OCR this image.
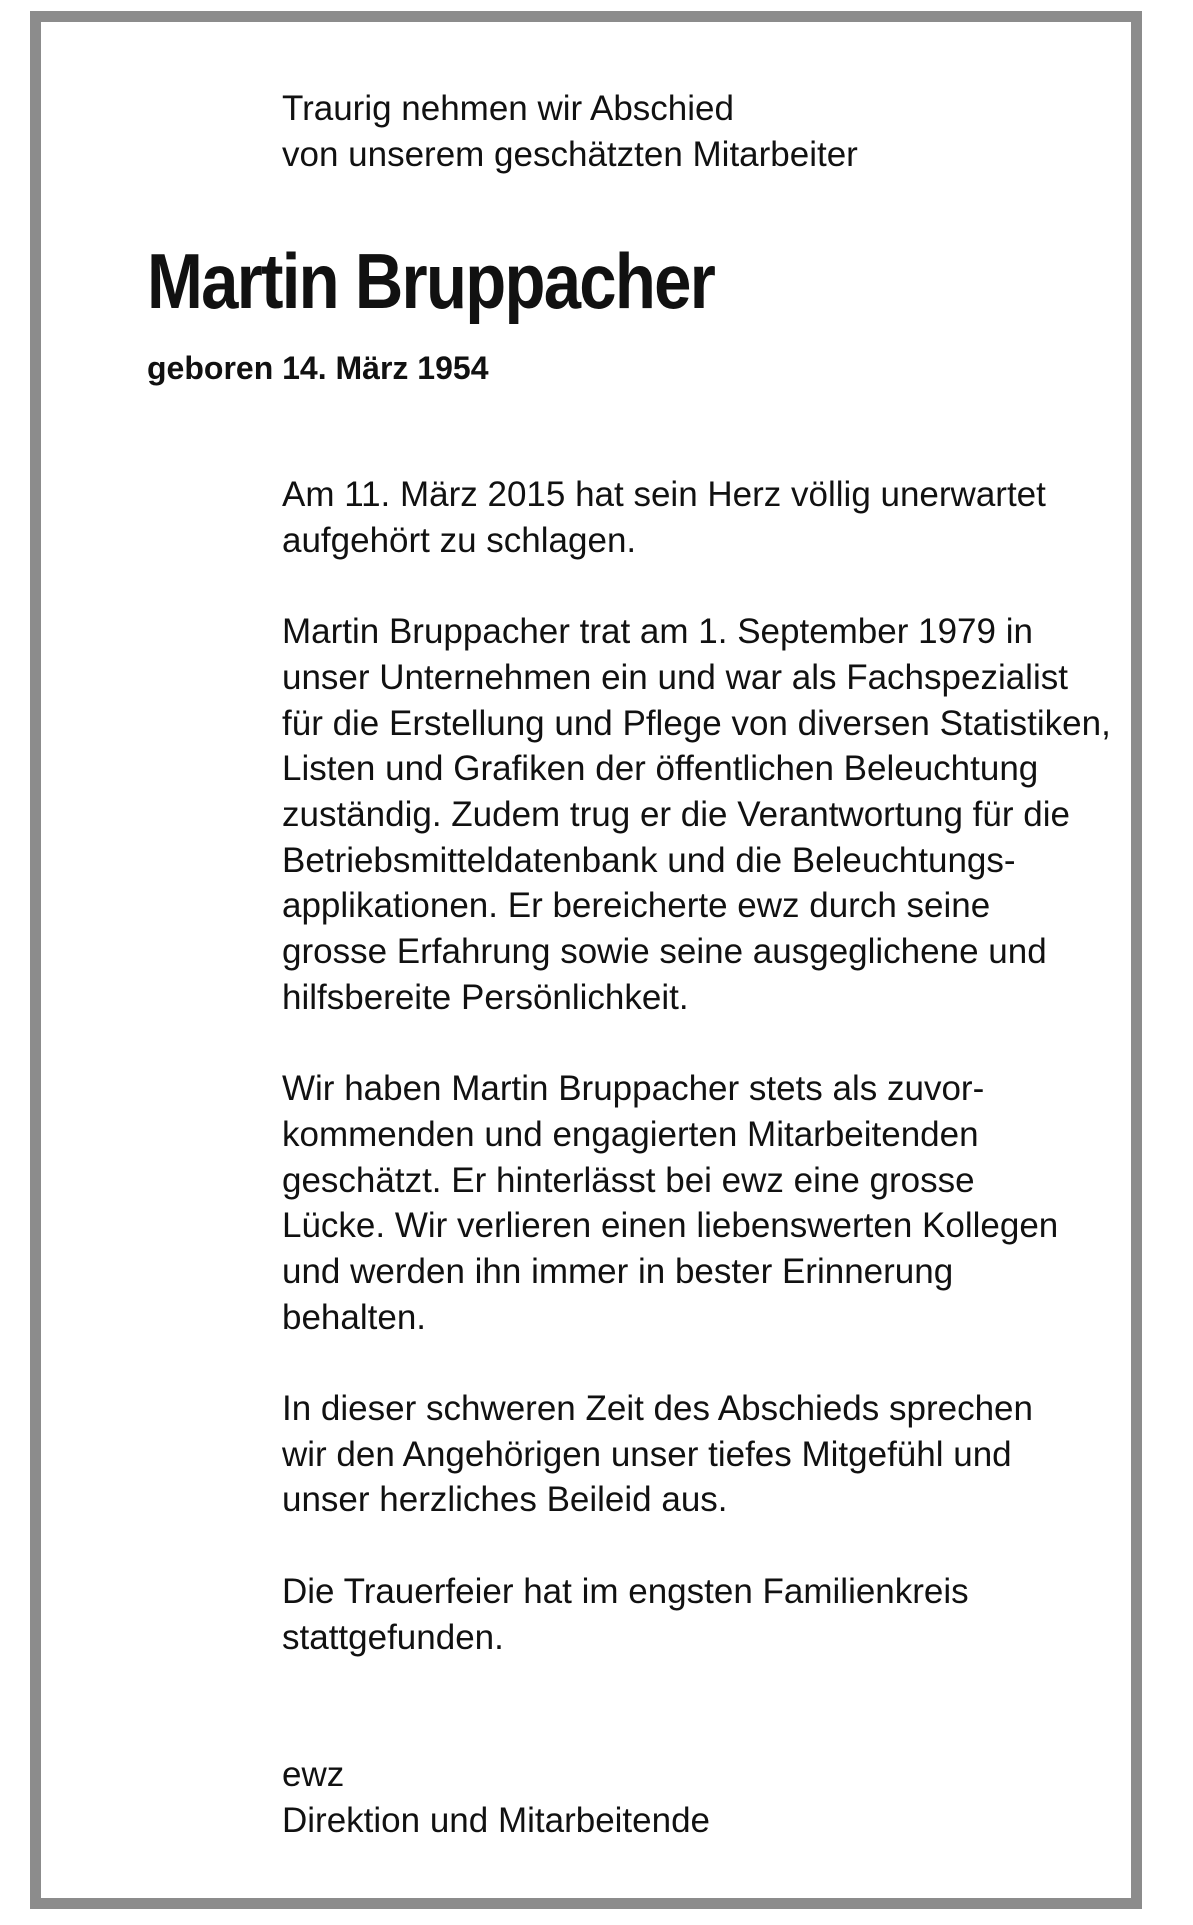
Traurig nehmen wir Abschied
von unserem geschätzten Mitarbeiter
Martin Bruppacher
geboren 14. März 1954
Am 11. März 2015 hat sein Herz völlig unerwartet
aufgehört zu schlagen.
Martin Bruppacher trat am 1. September 1979 in
unser Unternehmen ein und war als Fachspezialist
für die Erstellung und Pflege von diversen Statistiken,
Listen und Grafiken der öffentlichen Beleuchtung
zuständig. Zudem trug er die Verantwortung für die
Betriebsmitteldatenbank und die Beleuchtungs-
applikationen. Er bereicherte ewz durch seine
grosse Erfahrung sowie seine ausgeglichene und
hilfsbereite Persönlichkeit.
Wir haben Martin Bruppacher stets als zuvor-
kommenden und engagierten Mitarbeitenden
geschätzt. Er hinterlässt bei ewz eine grosse
Lücke. Wir verlieren einen liebenswerten Kollegen
und werden ihn immer in bester Erinnerung
behalten.
In dieser schweren Zeit des Abschieds sprechen
wir den Angehörigen unser tiefes Mitgefühl und
unser herzliches Beileid aus.
Die Trauerfeier hat im engsten Familienkreis
stattgefunden.
ewz
Direktion und Mitarbeitende
